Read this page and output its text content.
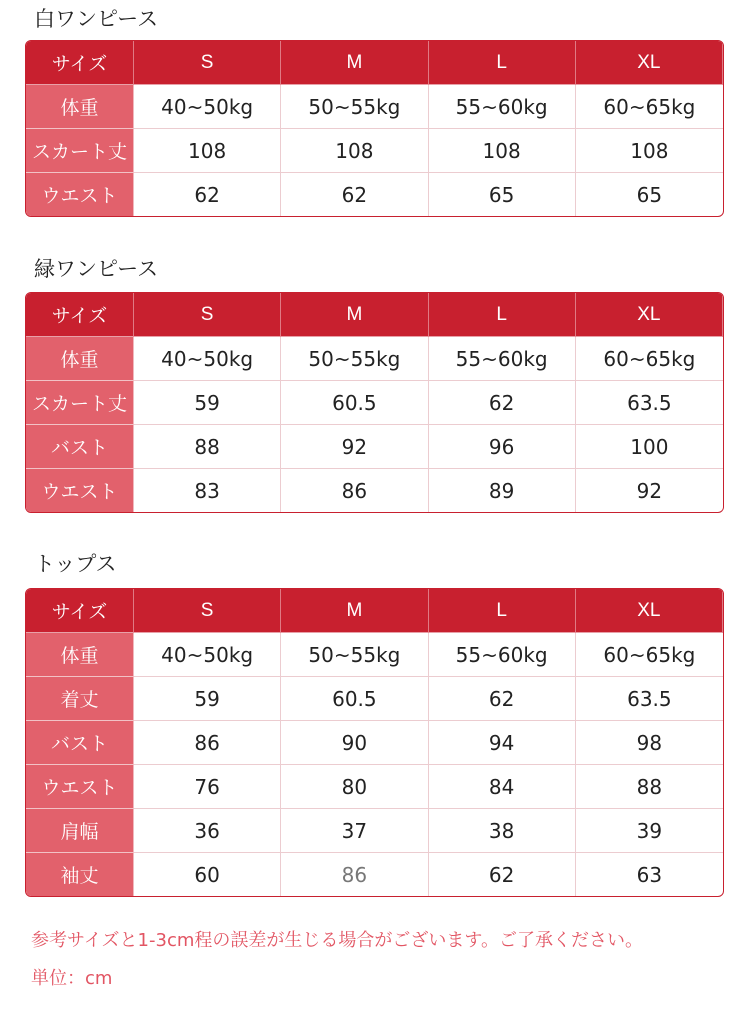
白ワンピース
サイズ	S	M	L	XL
体重	40~50kg	50~55kg	55~60kg	60~65kg
スカート丈	108	108	108	108
ウエスト	62	62	65	65
緑ワンピース
サイズ	S	M	L	XL
体重	40~50kg	50~55kg	55~60kg	60~65kg
スカート丈	59	60.5	62	63.5
バスト	88	92	96	100
ウエスト	83	86	89	92
トップス
サイズ	S	M	L	XL
体重	40~50kg	50~55kg	55~60kg	60~65kg
着丈	59	60.5	62	63.5
バスト	86	90	94	98
ウエスト	76	80	84	88
肩幅	36	37	38	39
袖丈	60	86	62	63
参考サイズと1-3cm程の誤差が生じる場合がございます。ご了承ください。
単位：cm
